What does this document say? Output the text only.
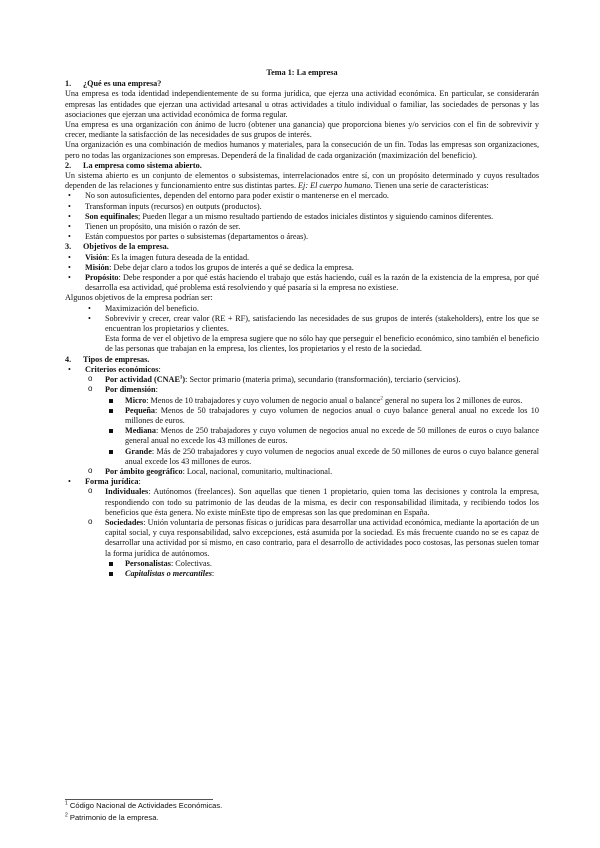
Tema 1: La empresa

1. ¿Qué es una empresa?

Una empresa es toda identidad independientemente de su forma jurídica, que ejerza una actividad económica. En particular, se considerarán empresas las entidades que ejerzan una actividad artesanal u otras actividades a título individual o familiar, las sociedades de personas y las asociaciones que ejerzan una actividad económica de forma regular.

Una empresa es una organización con ánimo de lucro (obtener una ganancia) que proporciona bienes y/o servicios con el fin de sobrevivir y crecer, mediante la satisfacción de las necesidades de sus grupos de interés.

Una organización es una combinación de medios humanos y materiales, para la consecución de un fin. Todas las empresas son organizaciones, pero no todas las organizaciones son empresas. Dependerá de la finalidad de cada organización (maximización del beneficio).

2. La empresa como sistema abierto.

Un sistema abierto es un conjunto de elementos o subsistemas, interrelacionados entre sí, con un propósito determinado y cuyos resultados dependen de las relaciones y funcionamiento entre sus distintas partes. Ej: El cuerpo humano. Tienen una serie de características:

• No son autosuficientes, dependen del entorno para poder existir o mantenerse en el mercado.
• Transforman inputs (recursos) en outputs (productos).
• Son equifinales; Pueden llegar a un mismo resultado partiendo de estados iniciales distintos y siguiendo caminos diferentes.
• Tienen un propósito, una misión o razón de ser.
• Están compuestos por partes o subsistemas (departamentos o áreas).

3. Objetivos de la empresa.

• Visión: Es la imagen futura deseada de la entidad.
• Misión: Debe dejar claro a todos los grupos de interés a qué se dedica la empresa.
• Propósito: Debe responder a por qué estás haciendo el trabajo que estás haciendo, cuál es la razón de la existencia de la empresa, por qué desarrolla esa actividad, qué problema está resolviendo y qué pasaría si la empresa no existiese.

Algunos objetivos de la empresa podrían ser:

• Maximización del beneficio.
• Sobrevivir y crecer, crear valor (RE + RF), satisfaciendo las necesidades de sus grupos de interés (stakeholders), entre los que se encuentran los propietarios y clientes.

Esta forma de ver el objetivo de la empresa sugiere que no sólo hay que perseguir el beneficio económico, sino también el beneficio de las personas que trabajan en la empresa, los clientes, los propietarios y el resto de la sociedad.

4. Tipos de empresas.

• Criterios económicos:
o Por actividad (CNAE$^1$): Sector primario (materia prima), secundario (transformación), terciario (servicios).
o Por dimensión:
Micro: Menos de 10 trabajadores y cuyo volumen de negocio anual o balance$^2$ general no supera los 2 millones de euros.
Pequeña: Menos de 50 trabajadores y cuyo volumen de negocios anual o cuyo balance general anual no excede los 10 millones de euros.
Mediana: Menos de 250 trabajadores y cuyo volumen de negocios anual no excede de 50 millones de euros o cuyo balance general anual no excede los 43 millones de euros.
Grande: Más de 250 trabajadores y cuyo volumen de negocios anual excede de 50 millones de euros o cuyo balance general anual excede los 43 millones de euros.
o Por ámbito geográfico: Local, nacional, comunitario, multinacional.
• Forma jurídica:
o Individuales: Autónomos (freelances). Son aquellas que tienen 1 propietario, quien toma las decisiones y controla la empresa, respondiendo con todo su patrimonio de las deudas de la misma, es decir con responsabilidad ilimitada, y recibiendo todos los beneficios que ésta genera. No existe mínEste tipo de empresas son las que predominan en España.
o Sociedades: Unión voluntaria de personas físicas o jurídicas para desarrollar una actividad económica, mediante la aportación de un capital social, y cuya responsabilidad, salvo excepciones, está asumida por la sociedad. Es más frecuente cuando no se es capaz de desarrollar una actividad por sí mismo, en caso contrario, para el desarrollo de actividades poco costosas, las personas suelen tomar la forma jurídica de autónomos.
Personalistas: Colectivas.
Capitalistas o mercantiles:
$^1$ Código Nacional de Actividades Económicas.
$^2$ Patrimonio de la empresa.
